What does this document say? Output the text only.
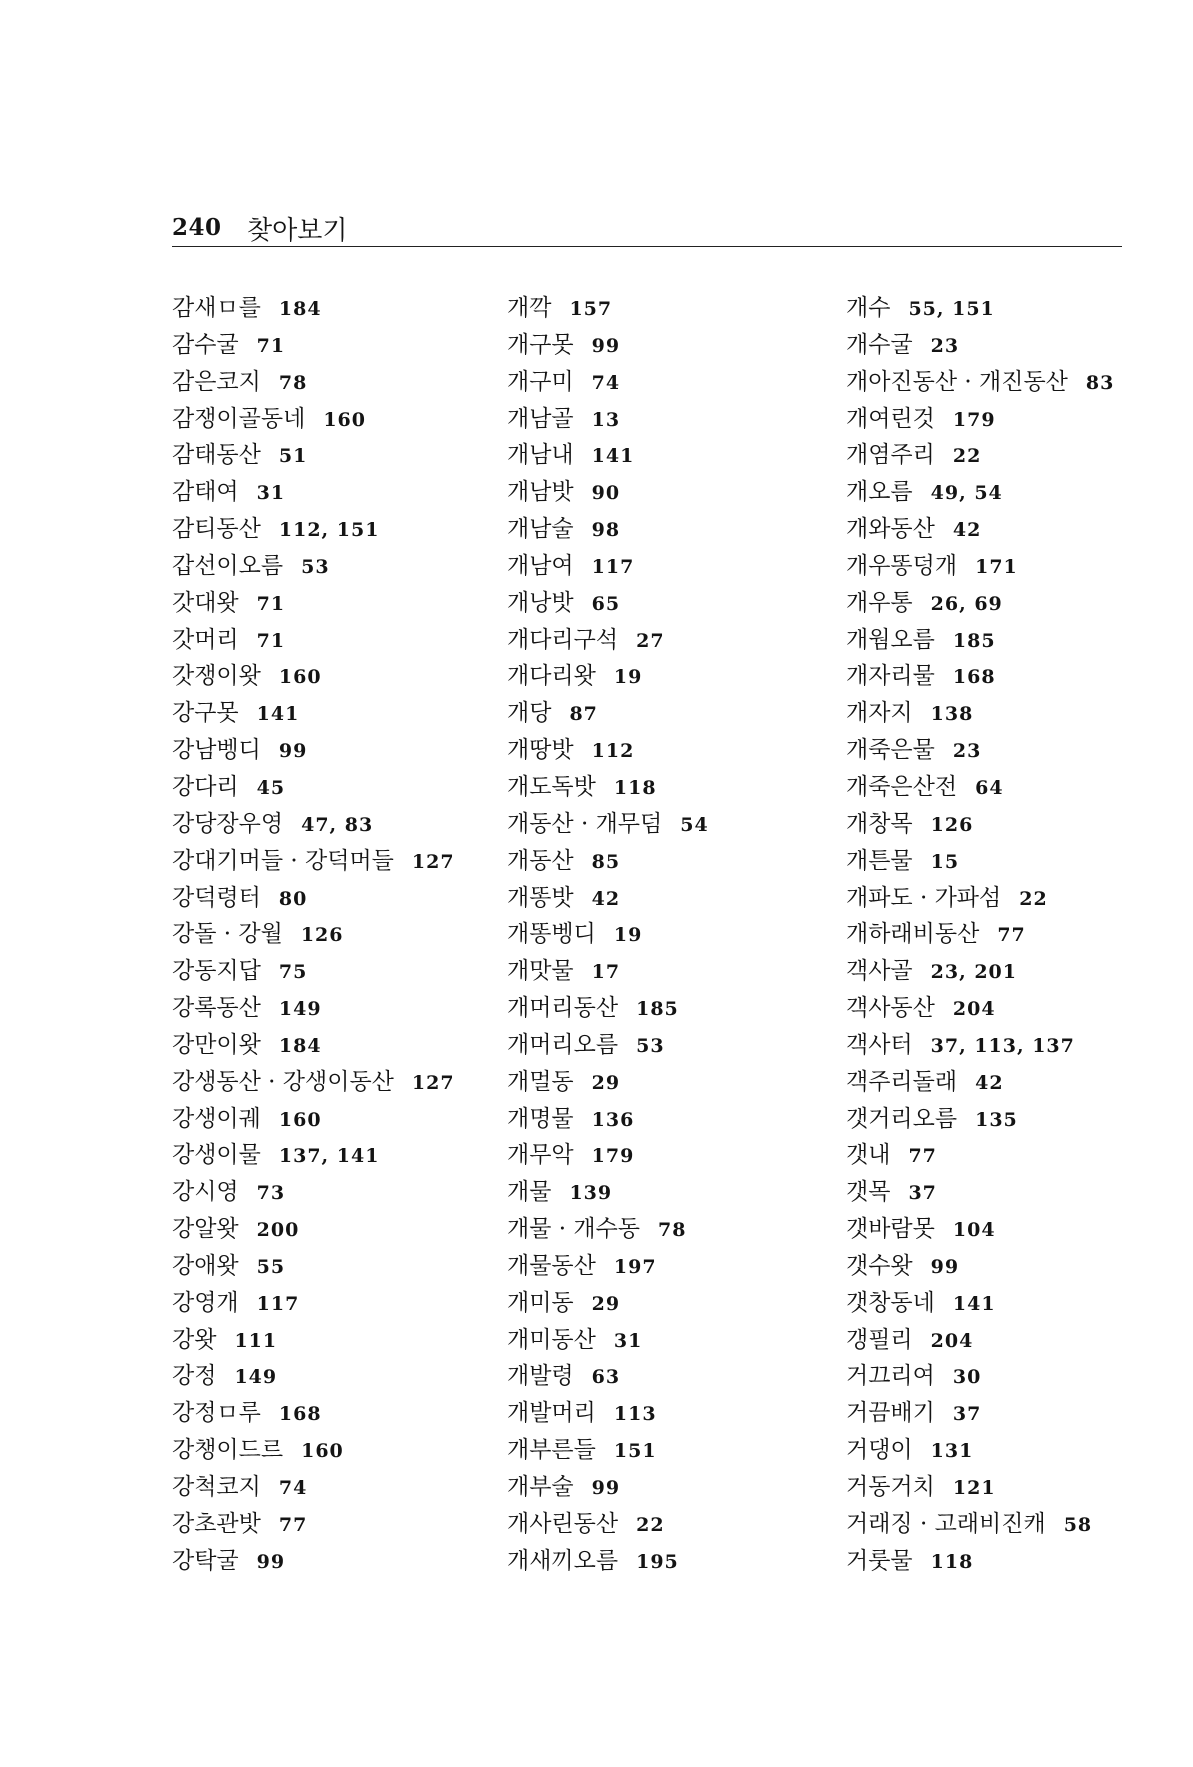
240 찾아보기
감새ㅁ를 184
감수굴 71
감은코지 78
감쟁이골동네 160
감태동산 51
감태여 31
감티동산 112, 151
갑선이오름 53
갓대왓 71
갓머리 71
갓쟁이왓 160
강구못 141
강남벵디 99
강다리 45
강당장우영 47, 83
강대기머들 · 강덕머들 127
강덕령터 80
강돌 · 강월 126
강동지답 75
강록동산 149
강만이왓 184
강생동산 · 강생이동산 127
강생이궤 160
강생이물 137, 141
강시영 73
강알왓 200
강애왓 55
강영개 117
강왓 111
강정 149
강정ㅁ루 168
강챙이드르 160
강척코지 74
강초관밧 77
강탁굴 99
개깍 157
개구못 99
개구미 74
개남골 13
개남내 141
개남밧 90
개남술 98
개남여 117
개낭밧 65
개다리구석 27
개다리왓 19
개당 87
개땅밧 112
개도독밧 118
개동산 · 개무덤 54
개동산 85
개똥밧 42
개똥벵디 19
개맛물 17
개머리동산 185
개머리오름 53
개멀동 29
개명물 136
개무악 179
개물 139
개물 · 개수동 78
개물동산 197
개미동 29
개미동산 31
개발령 63
개발머리 113
개부른들 151
개부술 99
개사린동산 22
개새끼오름 195
개수 55, 151
개수굴 23
개아진동산 · 개진동산 83
개여린것 179
개염주리 22
개오름 49, 54
개와동산 42
개우똥덩개 171
개우통 26, 69
개웜오름 185
개자리물 168
개자지 138
개죽은물 23
개죽은산전 64
개창목 126
개튼물 15
개파도 · 가파섬 22
개하래비동산 77
객사골 23, 201
객사동산 204
객사터 37, 113, 137
객주리돌래 42
갯거리오름 135
갯내 77
갯목 37
갯바람못 104
갯수왓 99
갯창동네 141
갱필리 204
거끄리여 30
거끔배기 37
거댕이 131
거동거치 121
거래징 · 고래비진캐 58
거룻물 118
